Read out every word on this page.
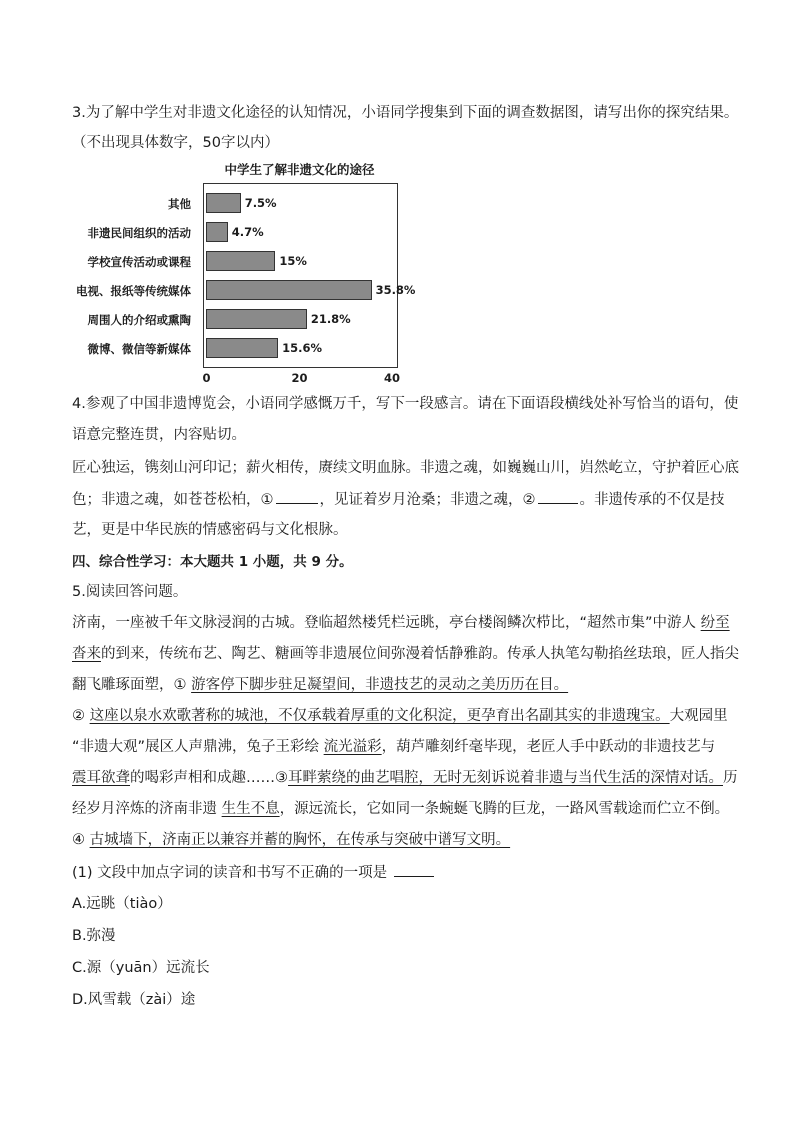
3.为了解中学生对非遗文化途径的认知情况，小语同学搜集到下面的调查数据图，请写出你的探究结果。
（不出现具体数字，50字以内）
中学生了解非遗文化的途径
其他	7.5%
非遗民间组织的活动	4.7%
学校宣传活动或课程	15%
电视、报纸等传统媒体	35.8%
周围人的介绍或熏陶	21.8%
微博、微信等新媒体	15.6%
0	20	40
4.参观了中国非遗博览会，小语同学感慨万千，写下一段感言。请在下面语段横线处补写恰当的语句，使
语意完整连贯，内容贴切。
匠心独运，镌刻山河印记；薪火相传，赓续文明血脉。非遗之魂，如巍巍山川，岿然屹立，守护着匠心底
色；非遗之魂，如苍苍松柏，①	，见证着岁月沧桑；非遗之魂，②	。非遗传承的不仅是技
艺，更是中华民族的情感密码与文化根脉。
四、综合性学习：本大题共 1 小题，共 9 分。
5.阅读回答问题。
济南，一座被千年文脉浸润的古城。登临超然楼凭栏远眺，亭台楼阁鳞次栉比，“超然市集”中游人 纷至
沓来的到来，传统布艺、陶艺、糖画等非遗展位间弥漫着恬静雅韵。传承人执笔勾勒掐丝珐琅，匠人指尖
翻飞雕琢面塑，① 游客停下脚步驻足凝望间，非遗技艺的灵动之美历历在目。
② 这座以泉水欢歌著称的城池，不仅承载着厚重的文化积淀，更孕育出名副其实的非遗瑰宝。大观园里
“非遗大观”展区人声鼎沸，兔子王彩绘 流光溢彩，葫芦雕刻纤毫毕现，老匠人手中跃动的非遗技艺与
震耳欲聋的喝彩声相和成趣……③耳畔萦绕的曲艺唱腔，无时无刻诉说着非遗与当代生活的深情对话。历
经岁月淬炼的济南非遗 生生不息，源远流长，它如同一条蜿蜒飞腾的巨龙，一路风雪载途而伫立不倒。
④ 古城墙下，济南正以兼容并蓄的胸怀，在传承与突破中谱写文明。
(1) 文段中加点字词的读音和书写不正确的一项是
A.远眺（tiào）
B.弥漫
C.源（yuān）远流长
D.风雪载（zài）途
